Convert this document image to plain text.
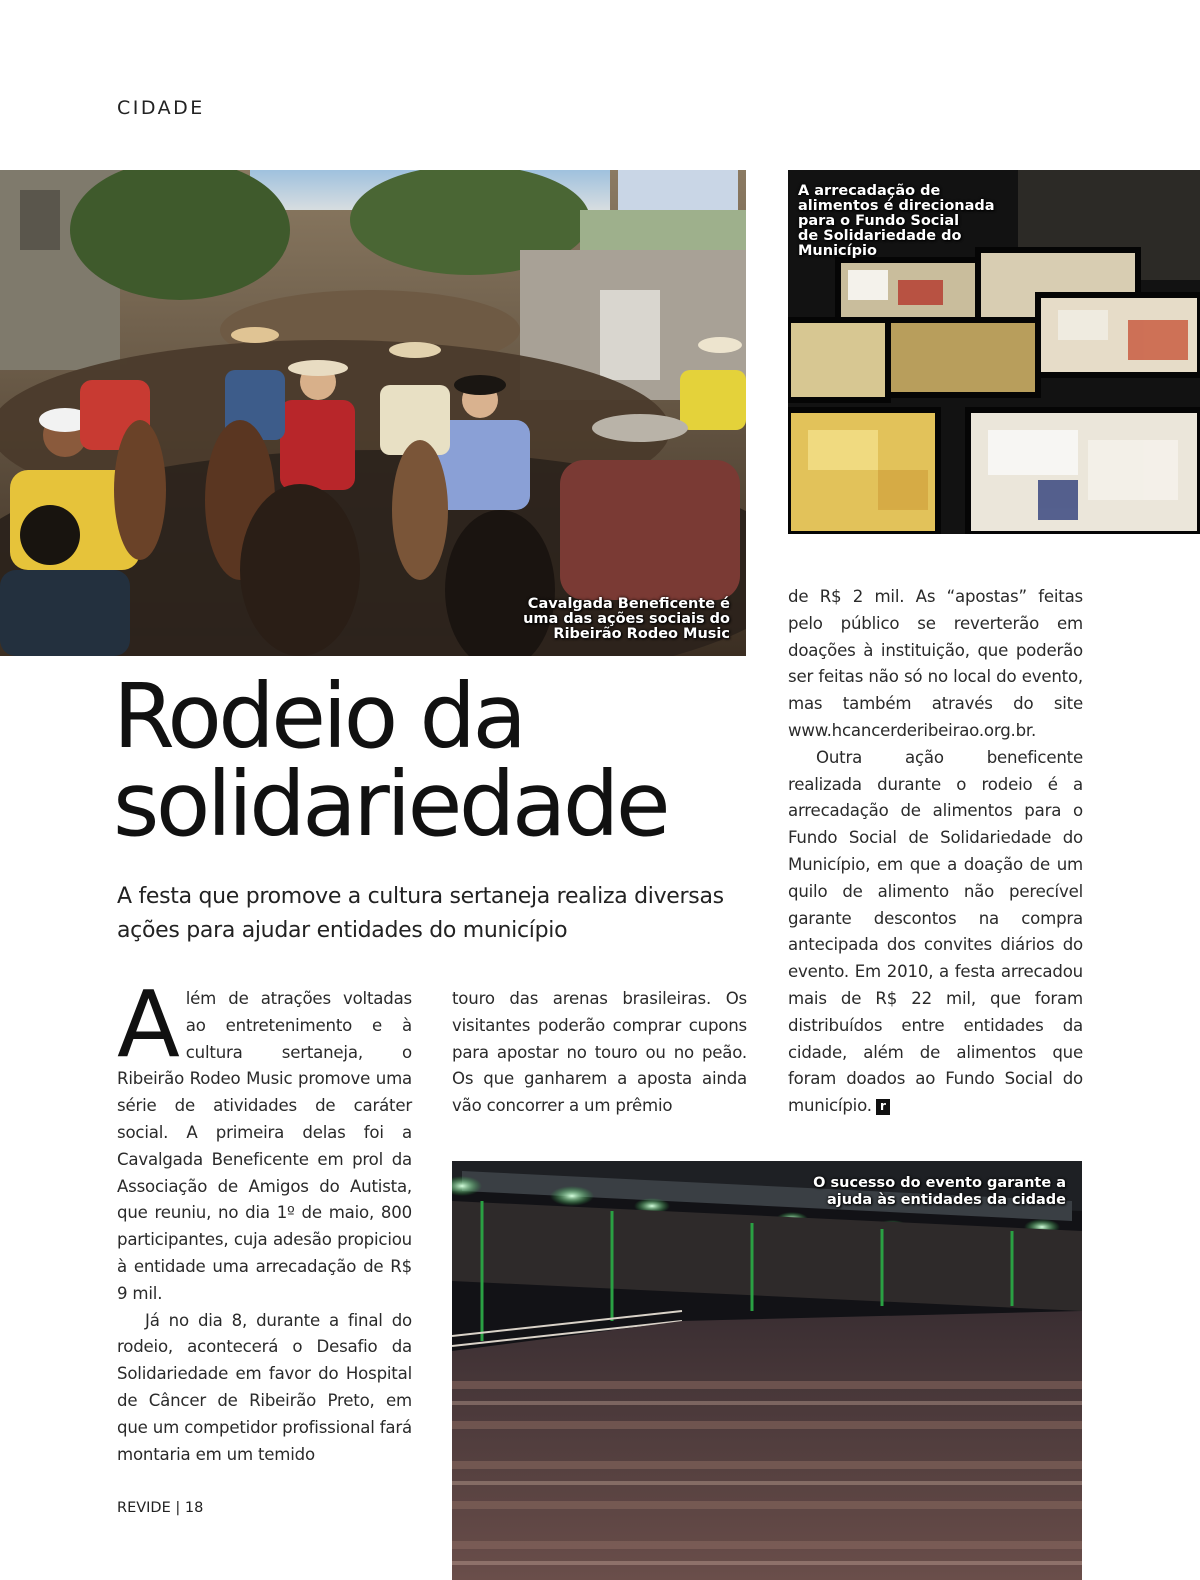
CIDADE
Cavalgada Beneficente é
uma das ações sociais do
Ribeirão Rodeo Music
A arrecadação de
alimentos é direcionada
para o Fundo Social
de Solidariedade do
Município
Rodeio da solidariedade
A festa que promove a cultura sertaneja realiza diversas ações para ajudar entidades do município

Além de atrações voltadas ao entretenimento e à cultura sertaneja, o Ribeirão Rodeo Music promove uma série de atividades de caráter social. A primeira delas foi a Cavalgada Beneficente em prol da Associação de Amigos do Autista, que reuniu, no dia 1º de maio, 800 participantes, cuja adesão propiciou à entidade uma arrecadação de R$ 9 mil.

Já no dia 8, durante a final do rodeio, acontecerá o Desafio da Solidariedade em favor do Hospital de Câncer de Ribeirão Preto, em que um competidor profissional fará montaria em um temido

touro das arenas brasileiras. Os visitantes poderão comprar cupons para apostar no touro ou no peão. Os que ganharem a aposta ainda vão concorrer a um prêmio

de R$ 2 mil. As “apostas” feitas pelo público se reverterão em doações à instituição, que poderão ser feitas não só no local do evento, mas também através do site www.hcancerderibeirao.org.br.

Outra ação beneficente realizada durante o rodeio é a arrecadação de alimentos para o Fundo Social de Solidariedade do Município, em que a doação de um quilo de alimento não perecível garante descontos na compra antecipada dos convites diários do evento. Em 2010, a festa arrecadou mais de R$ 22 mil, que foram distribuídos entre entidades da cidade, além de alimentos que foram doados ao Fundo Social do município. r

O sucesso do evento garante a
ajuda às entidades da cidade
REVIDE | 18
